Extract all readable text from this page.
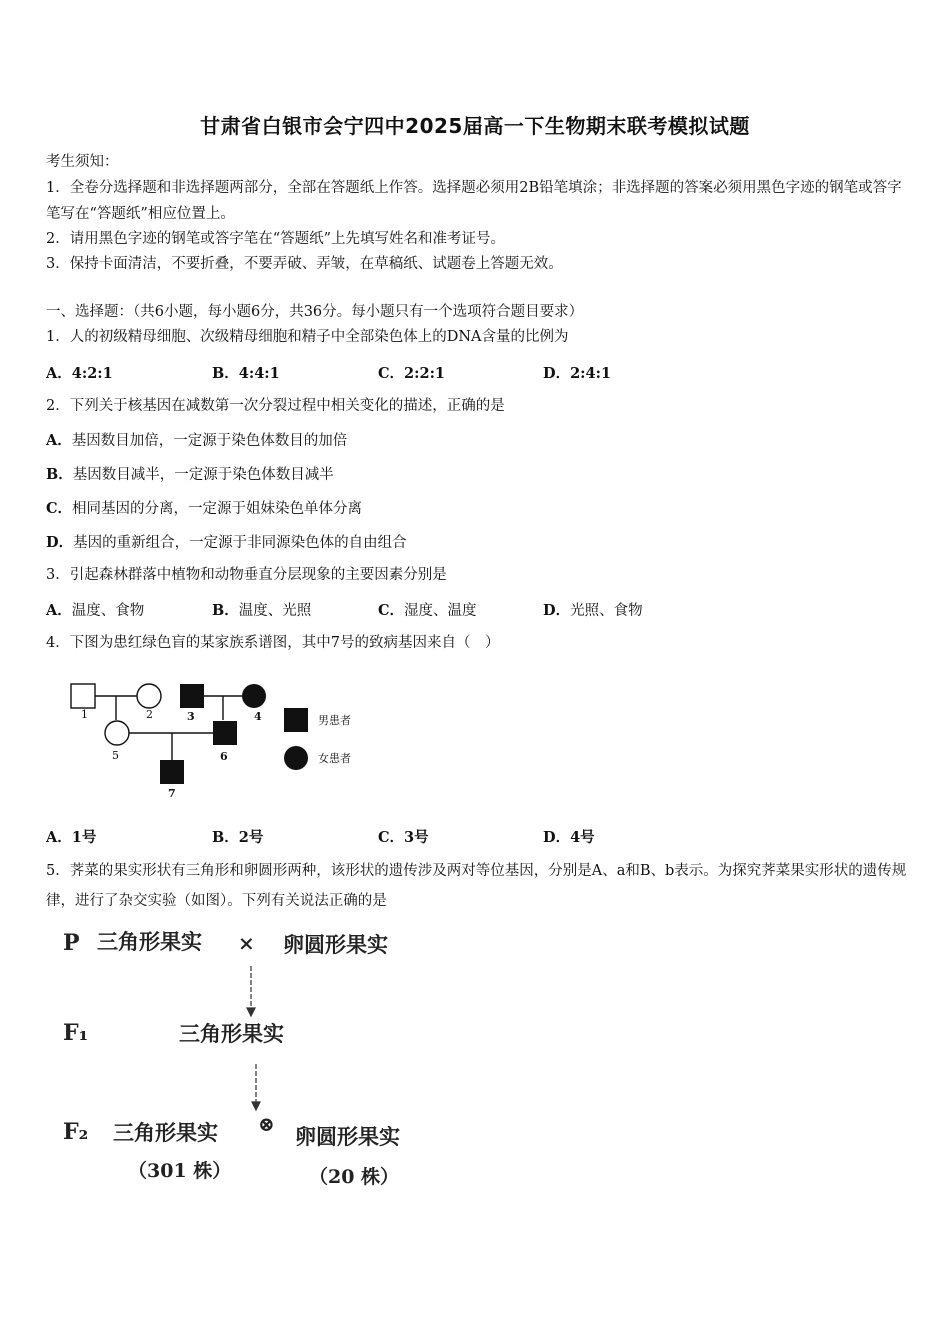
甘肃省白银市会宁四中2025届高一下生物期末联考模拟试题
考生须知：
1．全卷分选择题和非选择题两部分，全部在答题纸上作答。选择题必须用2B铅笔填涂；非选择题的答案必须用黑色字迹的钢笔或答字笔写在“答题纸”相应位置上。
2．请用黑色字迹的钢笔或答字笔在“答题纸”上先填写姓名和准考证号。
3．保持卡面清洁，不要折叠，不要弄破、弄皱，在草稿纸、试题卷上答题无效。
一、选择题：（共6小题，每小题6分，共36分。每小题只有一个选项符合题目要求）
1．人的初级精母细胞、次级精母细胞和精子中全部染色体上的DNA含量的比例为
A．4:2:1	B．4:4:1	C．2:2:1	D．2:4:1
2．下列关于核基因在减数第一次分裂过程中相关变化的描述，正确的是
A．基因数目加倍，一定源于染色体数目的加倍
B．基因数目减半，一定源于染色体数目减半
C．相同基因的分离，一定源于姐妹染色单体分离
D．基因的重新组合，一定源于非同源染色体的自由组合
3．引起森林群落中植物和动物垂直分层现象的主要因素分别是
A．温度、食物	B．温度、光照	C．湿度、温度	D．光照、食物
4．下图为患红绿色盲的某家族系谱图，其中7号的致病基因来自（　）
1	2	3	4
5	6
7
男患者
女患者
A．1号	B．2号	C．3号	D．4号
5．荠菜的果实形状有三角形和卵圆形两种，该形状的遗传涉及两对等位基因，分别是A、a和B、b表示。为探究荠菜果实形状的遗传规律，进行了杂交实验（如图）。下列有关说法正确的是
P 三角形果实 × 卵圆形果实
F₁	三角形果实
⊗
F₂ 三角形果实
（301 株）
卵圆形果实
（20 株）
